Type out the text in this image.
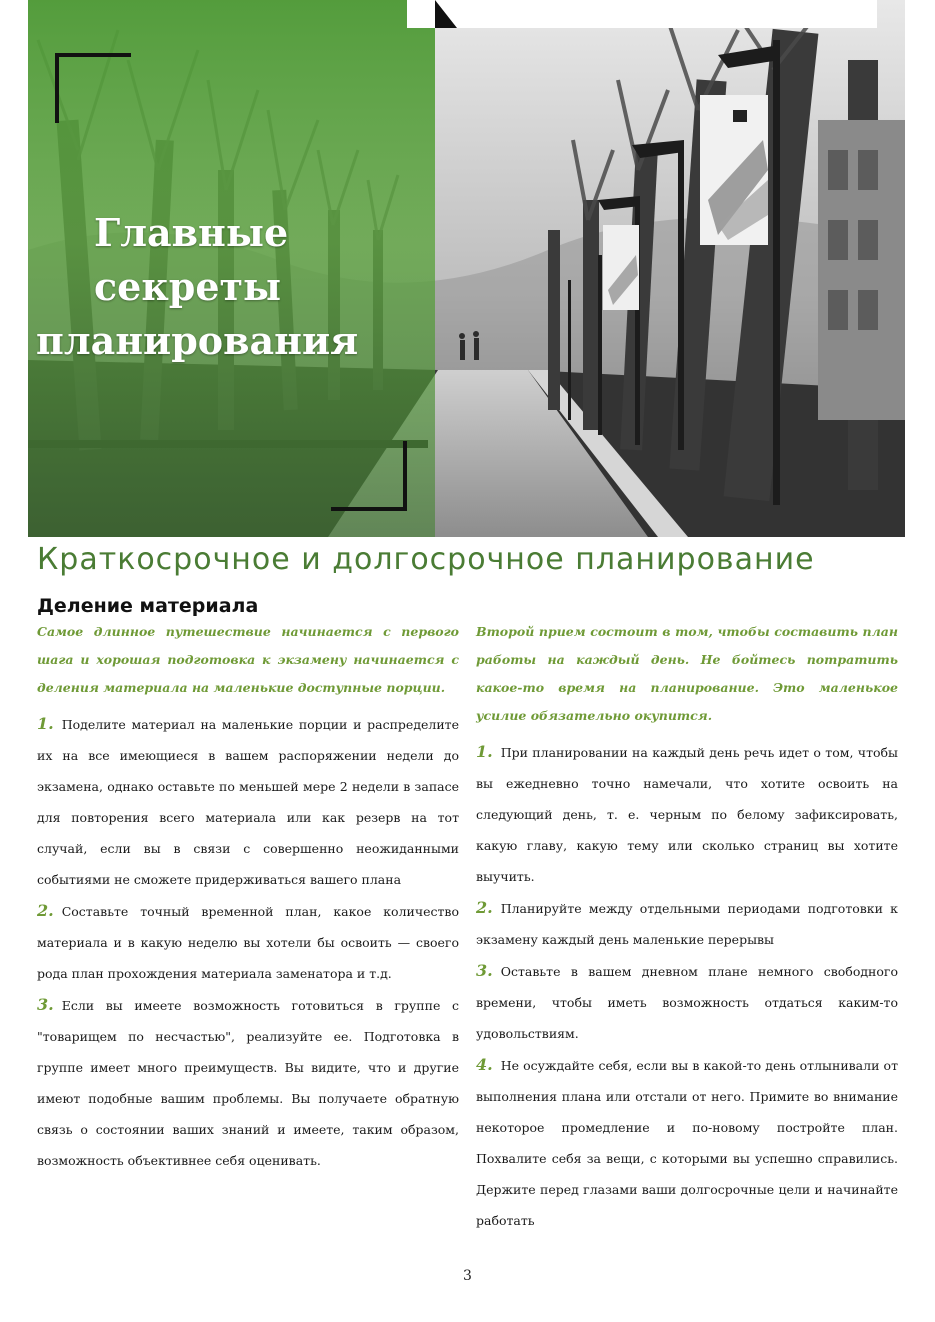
Главные
секреты
планирования
Краткосрочное и долгосрочное планирование
Деление материала

Самое длинное путешествие начинается с первого шага и хорошая подготовка к экзамену начинается с деления материала на маленькие доступные порции.

1. Поделите материал на маленькие порции и распределите их на все имеющиеся в вашем распоряжении недели до экзамена, однако оставьте по меньшей мере 2 недели в запасе для повторения всего материала или как резерв на тот случай, если вы в связи с совершенно неожиданными событиями не сможете придерживаться вашего плана

2. Составьте точный временной план, какое количество материала и в какую неделю вы хотели бы освоить — своего рода план прохождения материала заменатора и т.д.

3. Если вы имеете возможность готовиться в группе с "товарищем по несчастью", реализуйте ее. Подготовка в группе имеет много преимуществ. Вы видите, что и другие имеют подобные вашим проблемы. Вы получаете обратную связь о состоянии ваших знаний и имеете, таким образом, возможность объективнее себя оценивать.

Второй прием состоит в том, чтобы составить план работы на каждый день. Не бойтесь потратить какое-то время на планирование. Это маленькое усилие обязательно окупится.

1. При планировании на каждый день речь идет о том, чтобы вы ежедневно точно намечали, что хотите освоить на следующий день, т. е. черным по белому зафиксировать, какую главу, какую тему или сколько страниц вы хотите выучить.

2. Планируйте между отдельными периодами подготовки к экзамену каждый день маленькие перерывы

3. Оставьте в вашем дневном плане немного свободного времени, чтобы иметь возможность отдаться каким-то удовольствиям.

4. Не осуждайте себя, если вы в какой-то день отлынивали от выполнения плана или отстали от него. Примите во внимание некоторое промедление и по-новому постройте план. Похвалите себя за вещи, с которыми вы успешно справились. Держите перед глазами ваши долгосрочные цели и начинайте работать

3
